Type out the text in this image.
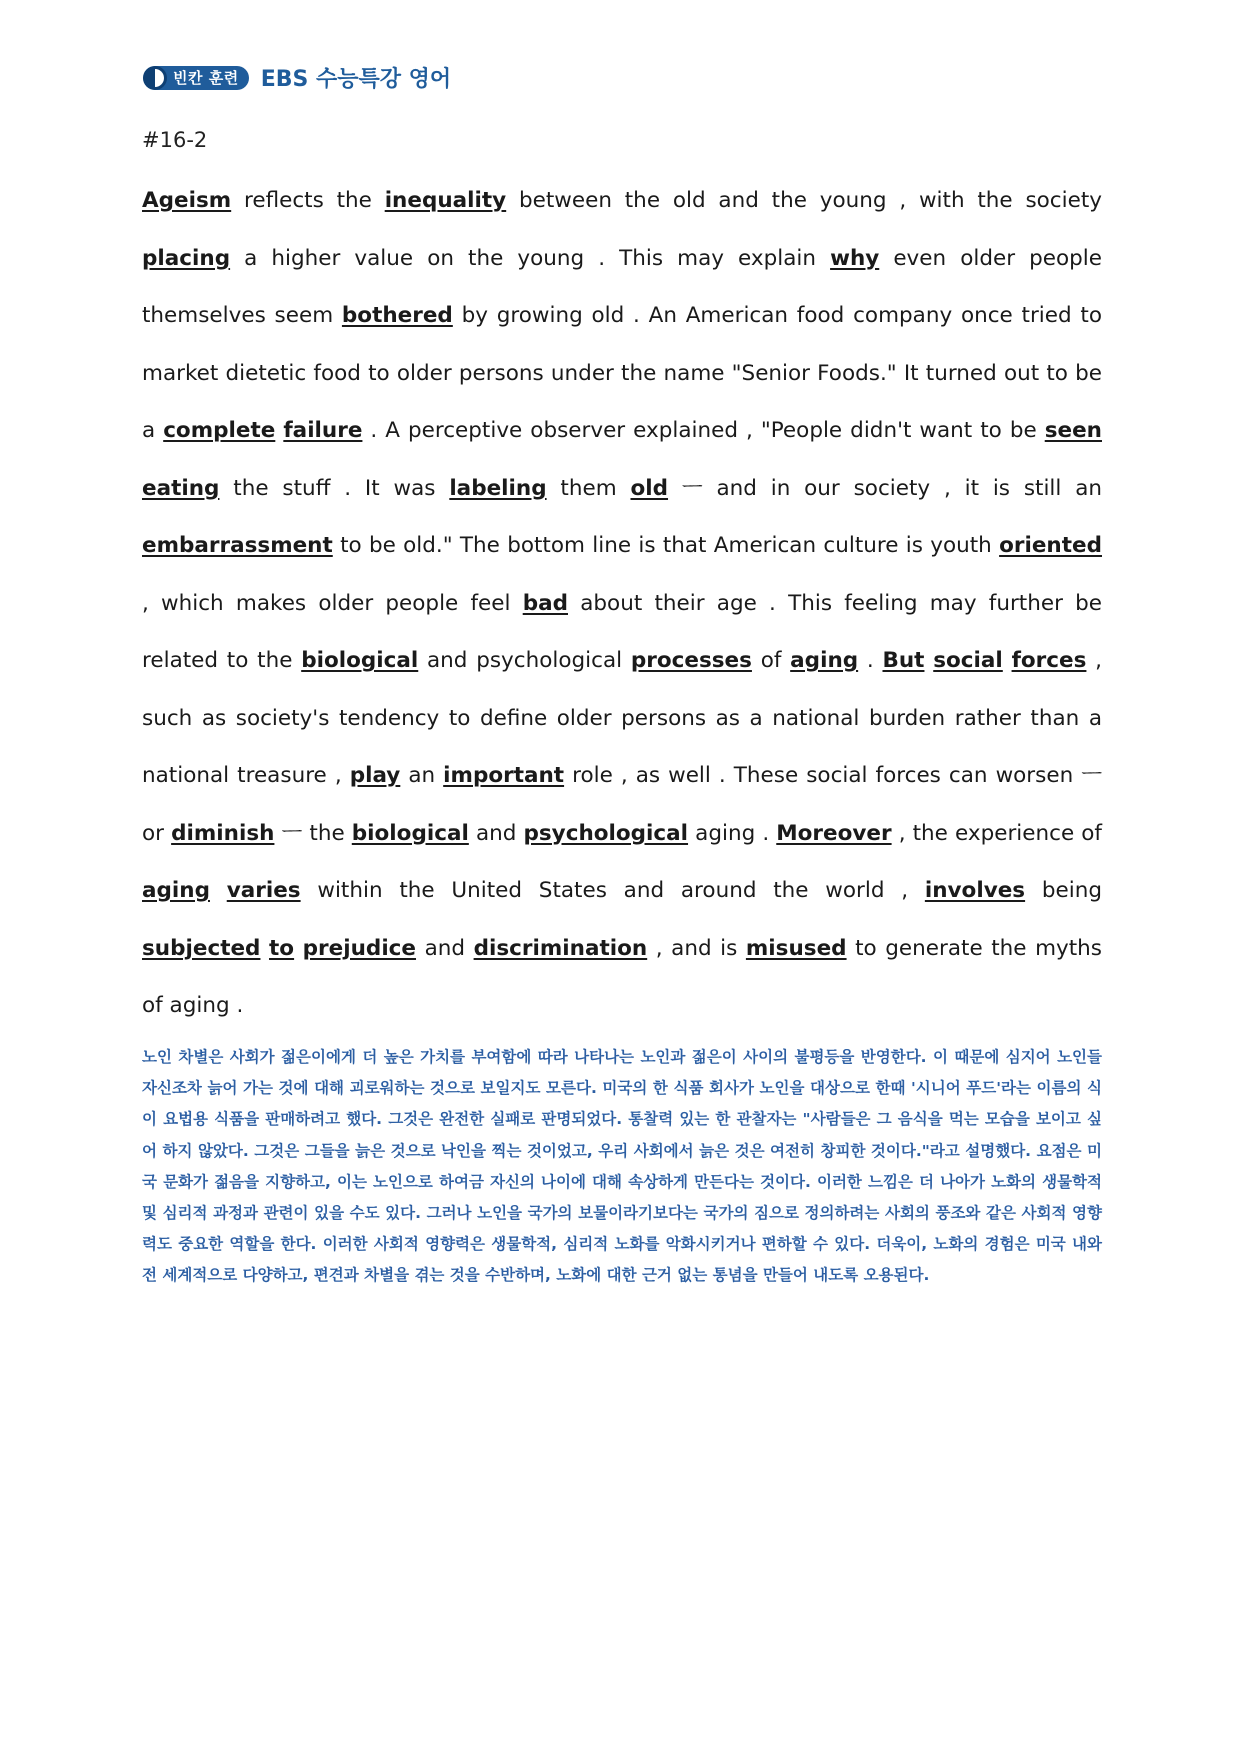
빈칸 훈련 EBS 수능특강 영어
#16-2
Ageism reflects the inequality between the old and the young , with the society placing a higher value on the young . This may explain why even older people themselves seem bothered by growing old . An American food company once tried to market dietetic food to older persons under the name "Senior Foods." It turned out to be a complete failure . A perceptive observer explained , "People didn't want to be seen eating the stuff . It was labeling them old ㅡ and in our society , it is still an embarrassment to be old." The bottom line is that American culture is youth oriented , which makes older people feel bad about their age . This feeling may further be related to the biological and psychological processes of aging . But social forces , such as society's tendency to define older persons as a national burden rather than a national treasure , play an important role , as well . These social forces can worsen ㅡ or diminish ㅡ the biological and psychological aging . Moreover , the experience of aging varies within the United States and around the world , involves being subjected to prejudice and discrimination , and is misused to generate the myths of aging .
노인 차별은 사회가 젊은이에게 더 높은 가치를 부여함에 따라 나타나는 노인과 젊은이 사이의 불평등을 반영한다. 이 때문에 심지어 노인들 자신조차 늙어 가는 것에 대해 괴로워하는 것으로 보일지도 모른다. 미국의 한 식품 회사가 노인을 대상으로 한때 '시니어 푸드'라는 이름의 식이 요법용 식품을 판매하려고 했다. 그것은 완전한 실패로 판명되었다. 통찰력 있는 한 관찰자는 "사람들은 그 음식을 먹는 모습을 보이고 싶어 하지 않았다. 그것은 그들을 늙은 것으로 낙인을 찍는 것이었고, 우리 사회에서 늙은 것은 여전히 창피한 것이다."라고 설명했다. 요점은 미국 문화가 젊음을 지향하고, 이는 노인으로 하여금 자신의 나이에 대해 속상하게 만든다는 것이다. 이러한 느낌은 더 나아가 노화의 생물학적 및 심리적 과정과 관련이 있을 수도 있다. 그러나 노인을 국가의 보물이라기보다는 국가의 짐으로 정의하려는 사회의 풍조와 같은 사회적 영향력도 중요한 역할을 한다. 이러한 사회적 영향력은 생물학적, 심리적 노화를 악화시키거나 편하할 수 있다. 더욱이, 노화의 경험은 미국 내와 전 세계적으로 다양하고, 편견과 차별을 겪는 것을 수반하며, 노화에 대한 근거 없는 통념을 만들어 내도록 오용된다.
